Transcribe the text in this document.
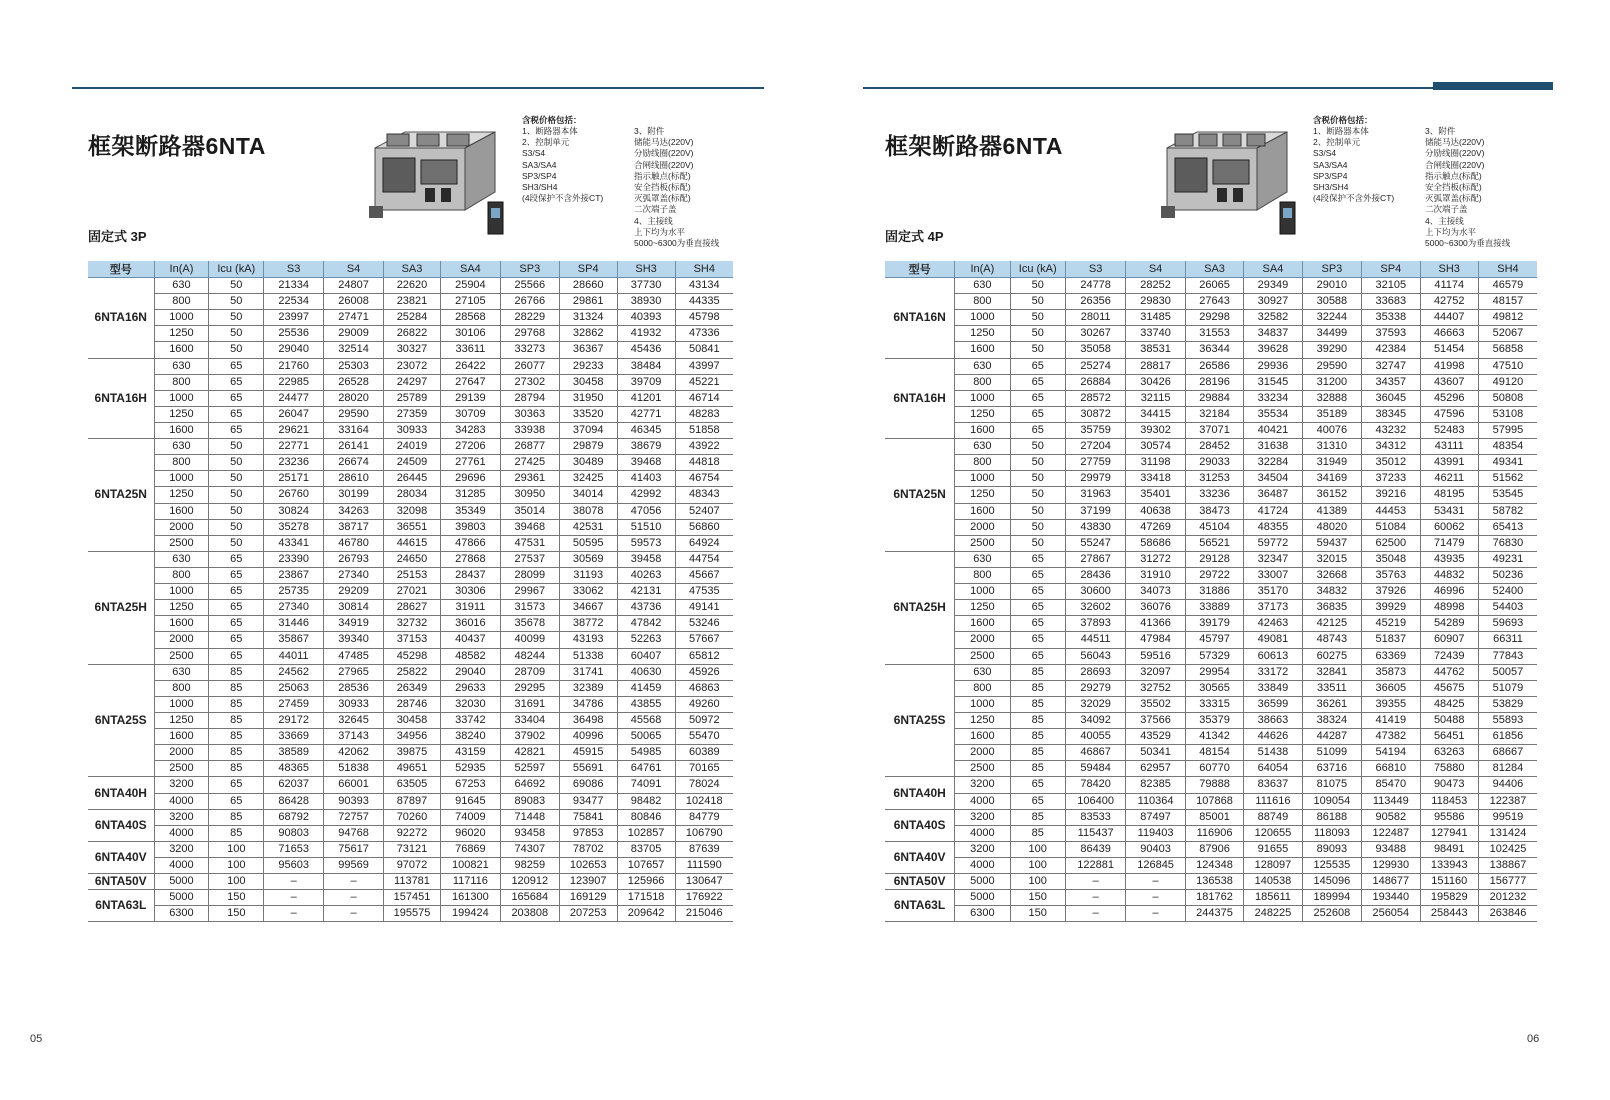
框架断路器6NTA
含税价格包括：
1、断路器本体
2、控制单元
S3/S4
SA3/SA4
SP3/SP4
SH3/SH4
(4段保护不含外接CT)
3、附件
储能马达(220V)
分励线圈(220V)
合闸线圈(220V)
指示触点(标配)
安全挡板(标配)
灭弧罩盖(标配)
二次端子盖
4、主接线
上下均为水平
5000~6300为垂直接线
固定式 3P
型号	In(A)	Icu (kA)	S3	S4	SA3	SA4	SP3	SP4	SH3	SH4
6NTA16N	630	50	21334	24807	22620	25904	25566	28660	37730	43134
	800	50	22534	26008	23821	27105	26766	29861	38930	44335
	1000	50	23997	27471	25284	28568	28229	31324	40393	45798
	1250	50	25536	29009	26822	30106	29768	32862	41932	47336
	1600	50	29040	32514	30327	33611	33273	36367	45436	50841
6NTA16H	630	65	21760	25303	23072	26422	26077	29233	38484	43997
	800	65	22985	26528	24297	27647	27302	30458	39709	45221
	1000	65	24477	28020	25789	29139	28794	31950	41201	46714
	1250	65	26047	29590	27359	30709	30363	33520	42771	48283
	1600	65	29621	33164	30933	34283	33938	37094	46345	51858
6NTA25N	630	50	22771	26141	24019	27206	26877	29879	38679	43922
	800	50	23236	26674	24509	27761	27425	30489	39468	44818
	1000	50	25171	28610	26445	29696	29361	32425	41403	46754
	1250	50	26760	30199	28034	31285	30950	34014	42992	48343
	1600	50	30824	34263	32098	35349	35014	38078	47056	52407
	2000	50	35278	38717	36551	39803	39468	42531	51510	56860
	2500	50	43341	46780	44615	47866	47531	50595	59573	64924
6NTA25H	630	65	23390	26793	24650	27868	27537	30569	39458	44754
	800	65	23867	27340	25153	28437	28099	31193	40263	45667
	1000	65	25735	29209	27021	30306	29967	33062	42131	47535
	1250	65	27340	30814	28627	31911	31573	34667	43736	49141
	1600	65	31446	34919	32732	36016	35678	38772	47842	53246
	2000	65	35867	39340	37153	40437	40099	43193	52263	57667
	2500	65	44011	47485	45298	48582	48244	51338	60407	65812
6NTA25S	630	85	24562	27965	25822	29040	28709	31741	40630	45926
	800	85	25063	28536	26349	29633	29295	32389	41459	46863
	1000	85	27459	30933	28746	32030	31691	34786	43855	49260
	1250	85	29172	32645	30458	33742	33404	36498	45568	50972
	1600	85	33669	37143	34956	38240	37902	40996	50065	55470
	2000	85	38589	42062	39875	43159	42821	45915	54985	60389
	2500	85	48365	51838	49651	52935	52597	55691	64761	70165
6NTA40H	3200	65	62037	66001	63505	67253	64692	69086	74091	78024
	4000	65	86428	90393	87897	91645	89083	93477	98482	102418
6NTA40S	3200	85	68792	72757	70260	74009	71448	75841	80846	84779
	4000	85	90803	94768	92272	96020	93458	97853	102857	106790
6NTA40V	3200	100	71653	75617	73121	76869	74307	78702	83705	87639
	4000	100	95603	99569	97072	100821	98259	102653	107657	111590
6NTA50V	5000	100	–	–	113781	117116	120912	123907	125966	130647
6NTA63L	5000	150	–	–	157451	161300	165684	169129	171518	176922
	6300	150	–	–	195575	199424	203808	207253	209642	215046
05
框架断路器6NTA
含税价格包括：
1、断路器本体
2、控制单元
S3/S4
SA3/SA4
SP3/SP4
SH3/SH4
(4段保护不含外接CT)
3、附件
储能马达(220V)
分励线圈(220V)
合闸线圈(220V)
指示触点(标配)
安全挡板(标配)
灭弧罩盖(标配)
二次端子盖
4、主接线
上下均为水平
5000~6300为垂直接线
固定式 4P
型号	In(A)	Icu (kA)	S3	S4	SA3	SA4	SP3	SP4	SH3	SH4
6NTA16N	630	50	24778	28252	26065	29349	29010	32105	41174	46579
	800	50	26356	29830	27643	30927	30588	33683	42752	48157
	1000	50	28011	31485	29298	32582	32244	35338	44407	49812
	1250	50	30267	33740	31553	34837	34499	37593	46663	52067
	1600	50	35058	38531	36344	39628	39290	42384	51454	56858
6NTA16H	630	65	25274	28817	26586	29936	29590	32747	41998	47510
	800	65	26884	30426	28196	31545	31200	34357	43607	49120
	1000	65	28572	32115	29884	33234	32888	36045	45296	50808
	1250	65	30872	34415	32184	35534	35189	38345	47596	53108
	1600	65	35759	39302	37071	40421	40076	43232	52483	57995
6NTA25N	630	50	27204	30574	28452	31638	31310	34312	43111	48354
	800	50	27759	31198	29033	32284	31949	35012	43991	49341
	1000	50	29979	33418	31253	34504	34169	37233	46211	51562
	1250	50	31963	35401	33236	36487	36152	39216	48195	53545
	1600	50	37199	40638	38473	41724	41389	44453	53431	58782
	2000	50	43830	47269	45104	48355	48020	51084	60062	65413
	2500	50	55247	58686	56521	59772	59437	62500	71479	76830
6NTA25H	630	65	27867	31272	29128	32347	32015	35048	43935	49231
	800	65	28436	31910	29722	33007	32668	35763	44832	50236
	1000	65	30600	34073	31886	35170	34832	37926	46996	52400
	1250	65	32602	36076	33889	37173	36835	39929	48998	54403
	1600	65	37893	41366	39179	42463	42125	45219	54289	59693
	2000	65	44511	47984	45797	49081	48743	51837	60907	66311
	2500	65	56043	59516	57329	60613	60275	63369	72439	77843
6NTA25S	630	85	28693	32097	29954	33172	32841	35873	44762	50057
	800	85	29279	32752	30565	33849	33511	36605	45675	51079
	1000	85	32029	35502	33315	36599	36261	39355	48425	53829
	1250	85	34092	37566	35379	38663	38324	41419	50488	55893
	1600	85	40055	43529	41342	44626	44287	47382	56451	61856
	2000	85	46867	50341	48154	51438	51099	54194	63263	68667
	2500	85	59484	62957	60770	64054	63716	66810	75880	81284
6NTA40H	3200	65	78420	82385	79888	83637	81075	85470	90473	94406
	4000	65	106400	110364	107868	111616	109054	113449	118453	122387
6NTA40S	3200	85	83533	87497	85001	88749	86188	90582	95586	99519
	4000	85	115437	119403	116906	120655	118093	122487	127941	131424
6NTA40V	3200	100	86439	90403	87906	91655	89093	93488	98491	102425
	4000	100	122881	126845	124348	128097	125535	129930	133943	138867
6NTA50V	5000	100	–	–	136538	140538	145096	148677	151160	156777
6NTA63L	5000	150	–	–	181762	185611	189994	193440	195829	201232
	6300	150	–	–	244375	248225	252608	256054	258443	263846
06
